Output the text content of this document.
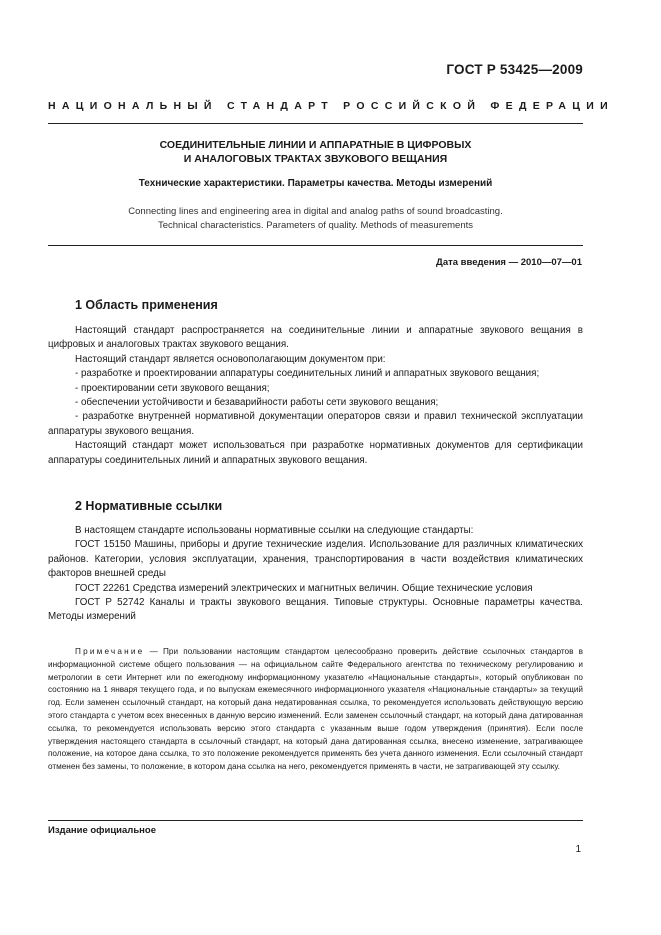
ГОСТ Р 53425—2009
НАЦИОНАЛЬНЫЙ СТАНДАРТ РОССИЙСКОЙ ФЕДЕРАЦИИ
СОЕДИНИТЕЛЬНЫЕ ЛИНИИ И АППАРАТНЫЕ В ЦИФРОВЫХ
И АНАЛОГОВЫХ ТРАКТАХ ЗВУКОВОГО ВЕЩАНИЯ
Технические характеристики. Параметры качества. Методы измерений
Connecting lines and engineering area in digital and analog paths of sound broadcasting.
Technical characteristics. Parameters of quality. Methods of measurements
Дата введения — 2010—07—01
1 Область применения

Настоящий стандарт распространяется на соединительные линии и аппаратные звукового вещания в цифровых и аналоговых трактах звукового вещания.

Настоящий стандарт является основополагающим документом при:

- разработке и проектировании аппаратуры соединительных линий и аппаратных звукового вещания;

- проектировании сети звукового вещания;

- обеспечении устойчивости и безаварийности работы сети звукового вещания;

- разработке внутренней нормативной документации операторов связи и правил технической эксплуатации аппаратуры звукового вещания.

Настоящий стандарт может использоваться при разработке нормативных документов для сертификации аппаратуры соединительных линий и аппаратных звукового вещания.

2 Нормативные ссылки

В настоящем стандарте использованы нормативные ссылки на следующие стандарты:

ГОСТ 15150 Машины, приборы и другие технические изделия. Использование для различных климатических районов. Категории, условия эксплуатации, хранения, транспортирования в части воздействия климатических факторов внешней среды

ГОСТ 22261 Средства измерений электрических и магнитных величин. Общие технические условия

ГОСТ Р 52742 Каналы и тракты звукового вещания. Типовые структуры. Основные параметры качества. Методы измерений

Примечание — При пользовании настоящим стандартом целесообразно проверить действие ссылочных стандартов в информационной системе общего пользования — на официальном сайте Федерального агентства по техническому регулированию и метрологии в сети Интернет или по ежегодному информационному указателю «Национальные стандарты», который опубликован по состоянию на 1 января текущего года, и по выпускам ежемесячного информационного указателя «Национальные стандарты» за текущий год. Если заменен ссылочный стандарт, на который дана недатированная ссылка, то рекомендуется использовать действующую версию этого стандарта с учетом всех внесенных в данную версию изменений. Если заменен ссылочный стандарт, на который дана датированная ссылка, то рекомендуется использовать версию этого стандарта с указанным выше годом утверждения (принятия). Если после утверждения настоящего стандарта в ссылочный стандарт, на который дана датированная ссылка, внесено изменение, затрагивающее положение, на которое дана ссылка, то это положение рекомендуется применять без учета данного изменения. Если ссылочный стандарт отменен без замены, то положение, в котором дана ссылка на него, рекомендуется применять в части, не затрагивающей эту ссылку.
Издание официальное
1
